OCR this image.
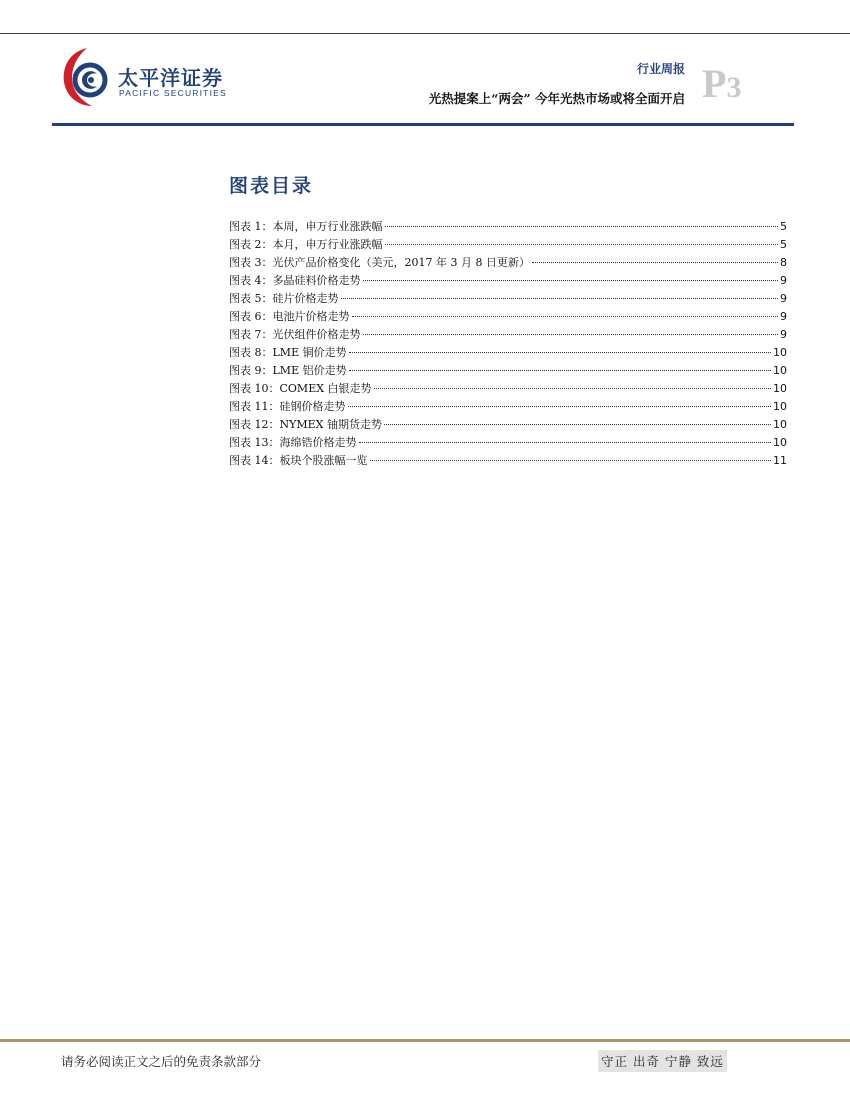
太平洋证券
PACIFIC SECURITIES
行业周报
光热提案上“两会” 今年光热市场或将全面开启 P3
图表目录
图表 1：本周，申万行业涨跌幅	5
图表 2：本月，申万行业涨跌幅	5
图表 3：光伏产品价格变化（美元，2017 年 3 月 8 日更新）	8
图表 4：多晶硅料价格走势	9
图表 5：硅片价格走势	9
图表 6：电池片价格走势	9
图表 7：光伏组件价格走势	9
图表 8：LME 铜价走势	10
图表 9：LME 铝价走势	10
图表 10：COMEX 白银走势	10
图表 11：硅钢价格走势	10
图表 12：NYMEX 铀期货走势	10
图表 13：海绵锆价格走势	10
图表 14：板块个股涨幅一览	11
请务必阅读正文之后的免责条款部分	守正 出奇 宁静 致远
